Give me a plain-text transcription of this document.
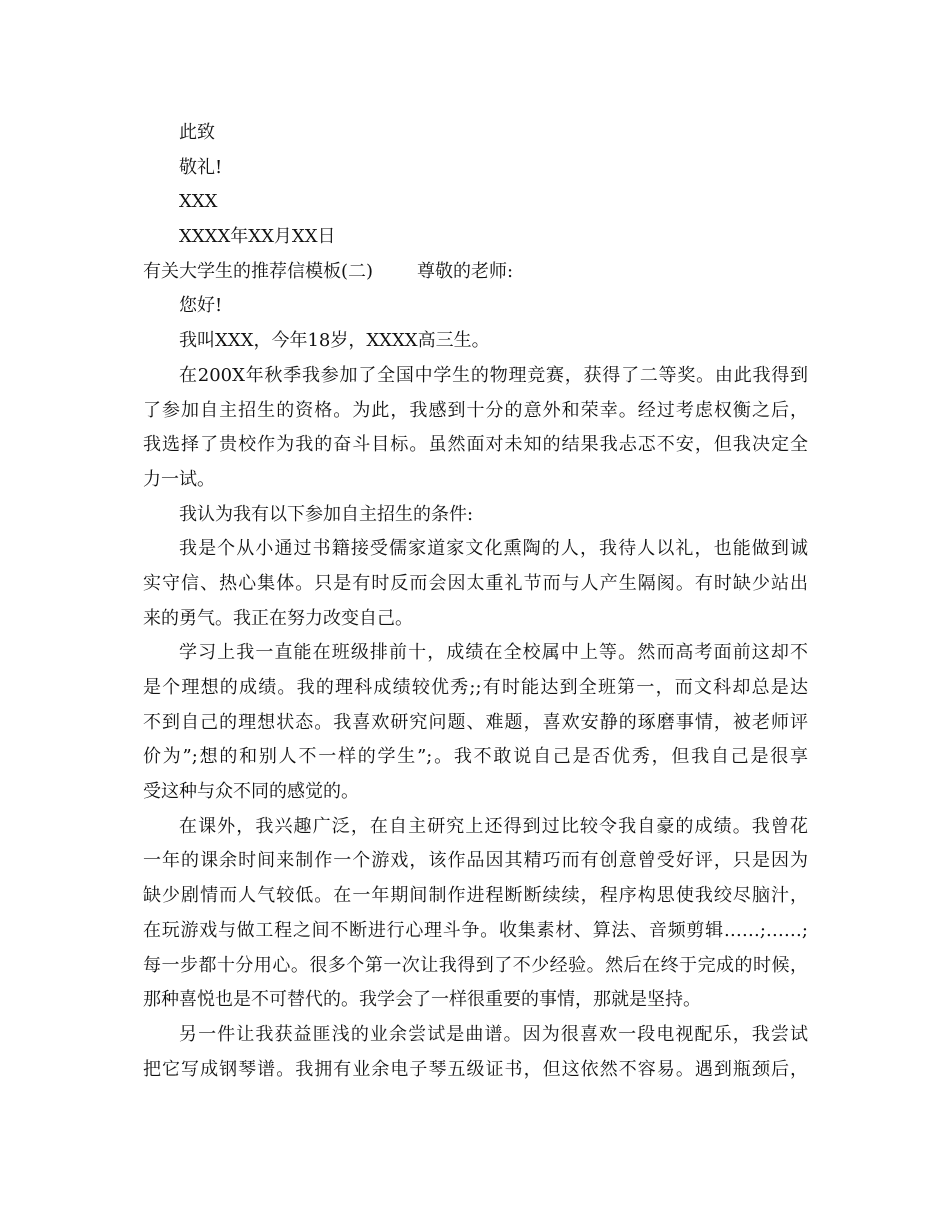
此致
敬礼!
XXX
XXXX年XX月XX日
有关大学生的推荐信模板(二) 尊敬的老师:
您好!
我叫XXX，今年18岁，XXXX高三生。
在200X年秋季我参加了全国中学生的物理竞赛，获得了二等奖。由此我得到
了参加自主招生的资格。为此，我感到十分的意外和荣幸。经过考虑权衡之后，
我选择了贵校作为我的奋斗目标。虽然面对未知的结果我忐忑不安，但我决定全
力一试。
我认为我有以下参加自主招生的条件:
我是个从小通过书籍接受儒家道家文化熏陶的人，我待人以礼，也能做到诚
实守信、热心集体。只是有时反而会因太重礼节而与人产生隔阂。有时缺少站出
来的勇气。我正在努力改变自己。
学习上我一直能在班级排前十，成绩在全校属中上等。然而高考面前这却不
是个理想的成绩。我的理科成绩较优秀;;有时能达到全班第一，而文科却总是达
不到自己的理想状态。我喜欢研究问题、难题，喜欢安静的琢磨事情，被老师评
价为”;想的和别人不一样的学生”;。我不敢说自己是否优秀，但我自己是很享
受这种与众不同的感觉的。
在课外，我兴趣广泛，在自主研究上还得到过比较令我自豪的成绩。我曾花
一年的课余时间来制作一个游戏，该作品因其精巧而有创意曾受好评，只是因为
缺少剧情而人气较低。在一年期间制作进程断断续续，程序构思使我绞尽脑汁，
在玩游戏与做工程之间不断进行心理斗争。收集素材、算法、音频剪辑……;……;
每一步都十分用心。很多个第一次让我得到了不少经验。然后在终于完成的时候，
那种喜悦也是不可替代的。我学会了一样很重要的事情，那就是坚持。
另一件让我获益匪浅的业余尝试是曲谱。因为很喜欢一段电视配乐，我尝试
把它写成钢琴谱。我拥有业余电子琴五级证书，但这依然不容易。遇到瓶颈后，
